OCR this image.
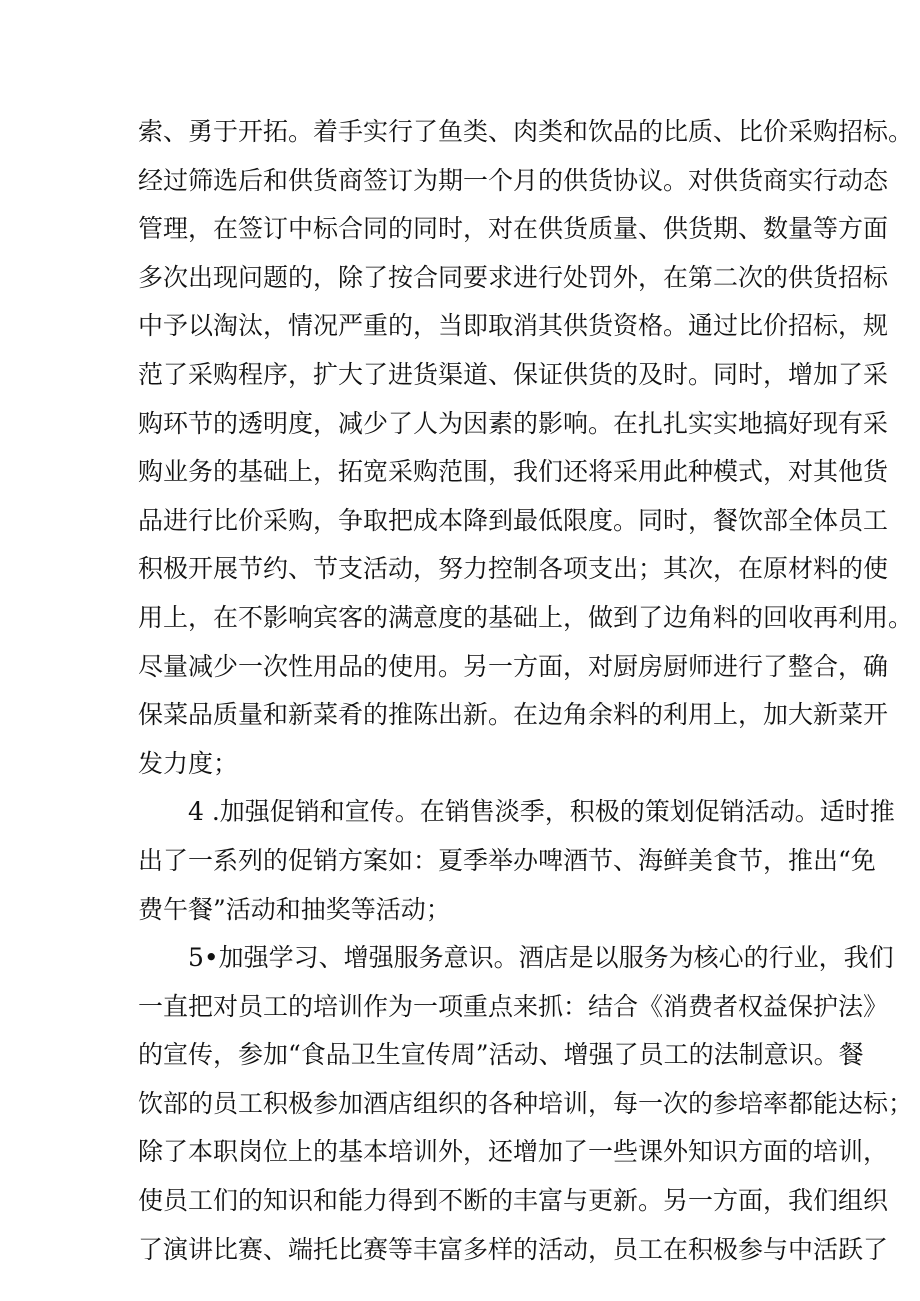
索、勇于开拓。着手实行了鱼类、肉类和饮品的比质、比价采购招标。
经过筛选后和供货商签订为期一个月的供货协议。对供货商实行动态
管理，在签订中标合同的同时，对在供货质量、供货期、数量等方面
多次出现问题的，除了按合同要求进行处罚外，在第二次的供货招标
中予以淘汰，情况严重的，当即取消其供货资格。通过比价招标，规
范了采购程序，扩大了进货渠道、保证供货的及时。同时，增加了采
购环节的透明度，减少了人为因素的影响。在扎扎实实地搞好现有采
购业务的基础上，拓宽采购范围，我们还将采用此种模式，对其他货
品进行比价采购，争取把成本降到最低限度。同时，餐饮部全体员工
积极开展节约、节支活动，努力控制各项支出；其次，在原材料的使
用上，在不影响宾客的满意度的基础上，做到了边角料的回收再利用。
尽量减少一次性用品的使用。另一方面，对厨房厨师进行了整合，确
保菜品质量和新菜肴的推陈出新。在边角余料的利用上，加大新菜开
发力度；
4 .加强促销和宣传。在销售淡季，积极的策划促销活动。适时推
出了一系列的促销方案如：夏季举办啤酒节、海鲜美食节，推出“免
费午餐”活动和抽奖等活动；
5•加强学习、增强服务意识。酒店是以服务为核心的行业，我们
一直把对员工的培训作为一项重点来抓：结合《消费者权益保护法》
的宣传，参加“食品卫生宣传周”活动、增强了员工的法制意识。餐
饮部的员工积极参加酒店组织的各种培训，每一次的参培率都能达标；
除了本职岗位上的基本培训外，还增加了一些课外知识方面的培训，
使员工们的知识和能力得到不断的丰富与更新。另一方面，我们组织
了演讲比赛、端托比赛等丰富多样的活动，员工在积极参与中活跃了
